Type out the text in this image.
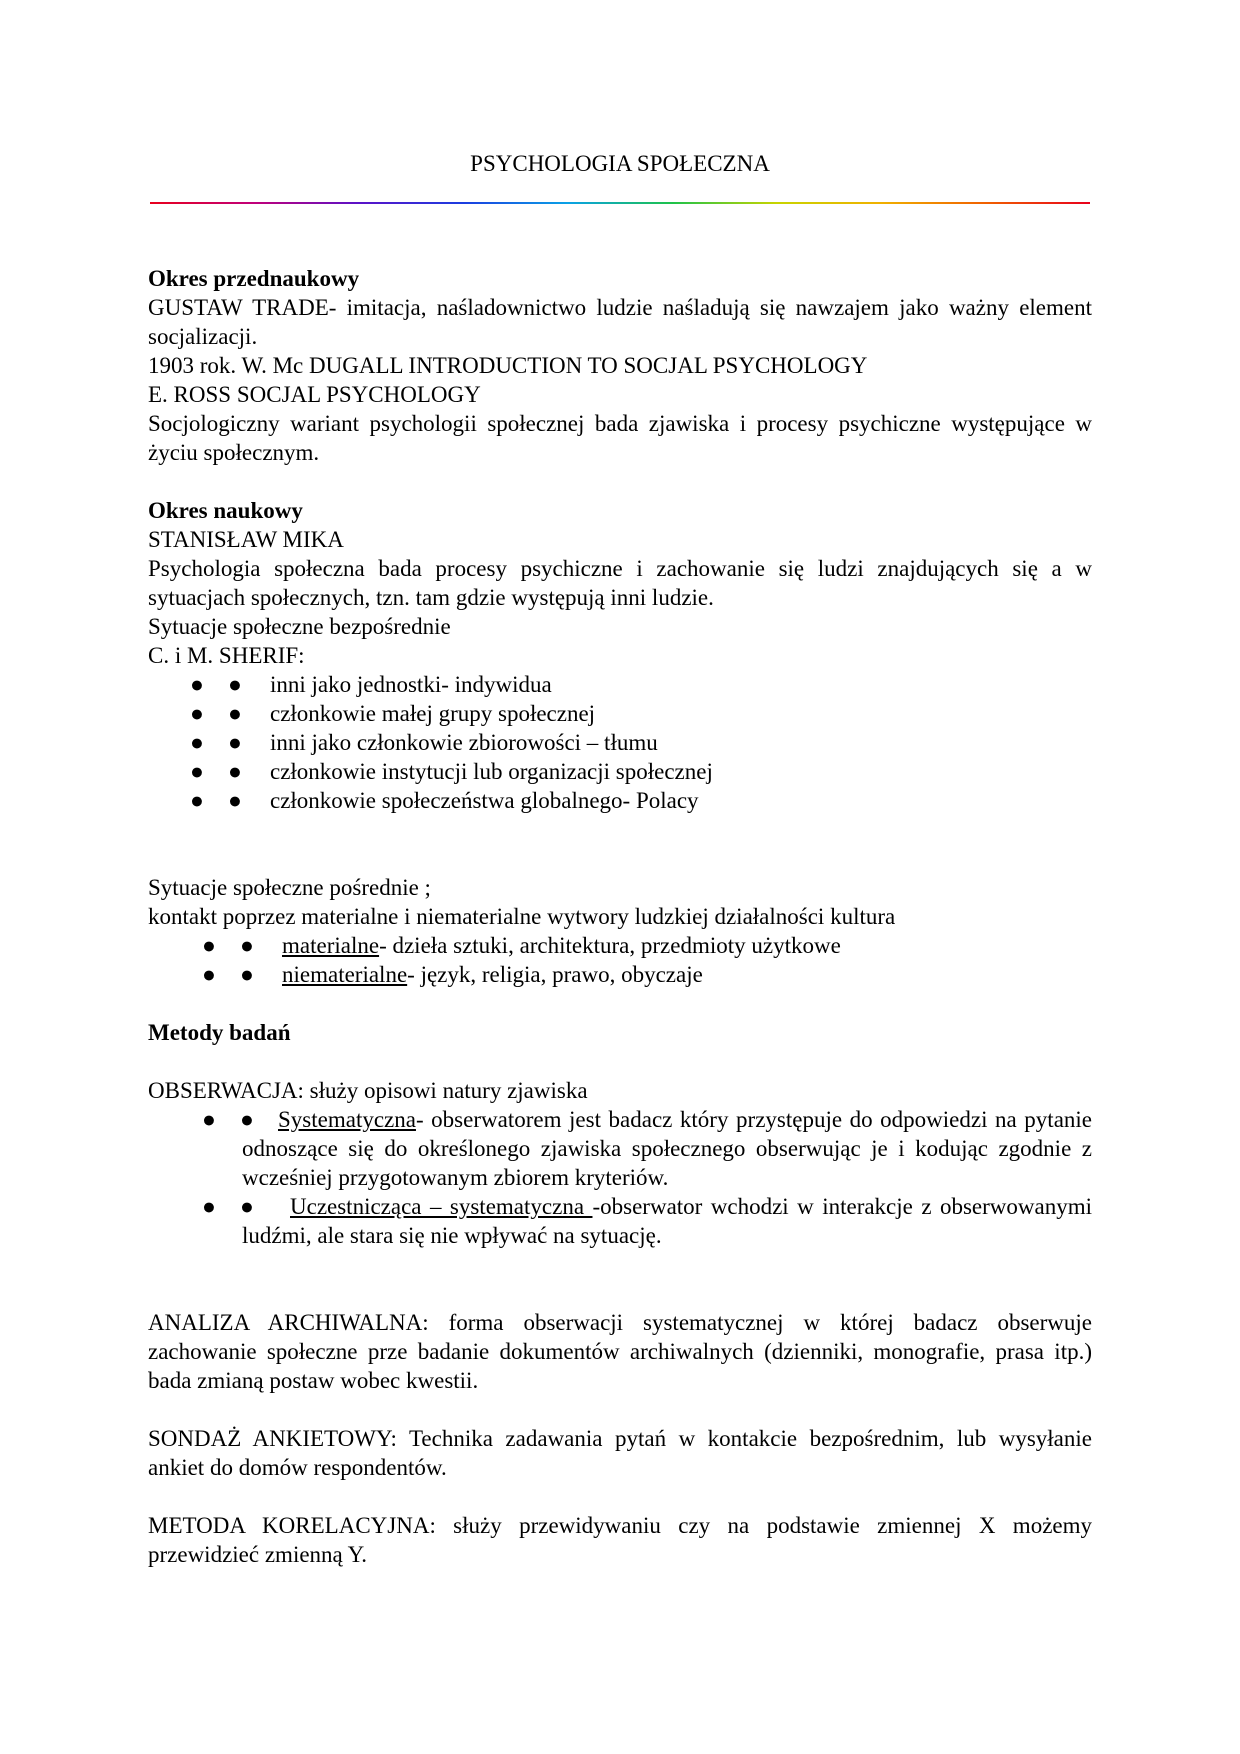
PSYCHOLOGIA SPOŁECZNA

Okres przednaukowy

GUSTAW TRADE- imitacja, naśladownictwo ludzie naśladują się nawzajem jako ważny element socjalizacji.

1903 rok. W. Mc DUGALL INTRODUCTION TO SOCJAL PSYCHOLOGY

E. ROSS SOCJAL PSYCHOLOGY

Socjologiczny wariant psychologii społecznej bada zjawiska i procesy psychiczne występujące w życiu społecznym.

Okres naukowy

STANISŁAW MIKA

Psychologia społeczna bada procesy psychiczne i zachowanie się ludzi znajdujących się a w sytuacjach społecznych, tzn. tam gdzie występują inni ludzie.

Sytuacje społeczne bezpośrednie

C. i M. SHERIF:

● ● inni jako jednostki- indywidua
● ● członkowie małej grupy społecznej
● ● inni jako członkowie zbiorowości – tłumu
● ● członkowie instytucji lub organizacji społecznej
● ● członkowie społeczeństwa globalnego- Polacy

Sytuacje społeczne pośrednie ;

kontakt poprzez materialne i niematerialne wytwory ludzkiej działalności kultura

● ● materialne- dzieła sztuki, architektura, przedmioty użytkowe
● ● niematerialne- język, religia, prawo, obyczaje

Metody badań

OBSERWACJA: służy opisowi natury zjawiska

● ● Systematyczna- obserwatorem jest badacz który przystępuje do odpowiedzi na pytanie odnoszące się do określonego zjawiska społecznego obserwując je i kodując zgodnie z wcześniej przygotowanym zbiorem kryteriów.
● ● Uczestnicząca – systematyczna -obserwator wchodzi w interakcje z obserwowanymi ludźmi, ale stara się nie wpływać na sytuację.

ANALIZA ARCHIWALNA: forma obserwacji systematycznej w której badacz obserwuje zachowanie społeczne prze badanie dokumentów archiwalnych (dzienniki, monografie, prasa itp.) bada zmianą postaw wobec kwestii.

SONDAŻ ANKIETOWY: Technika zadawania pytań w kontakcie bezpośrednim, lub wysyłanie ankiet do domów respondentów.

METODA KORELACYJNA: służy przewidywaniu czy na podstawie zmiennej X możemy przewidzieć zmienną Y.
